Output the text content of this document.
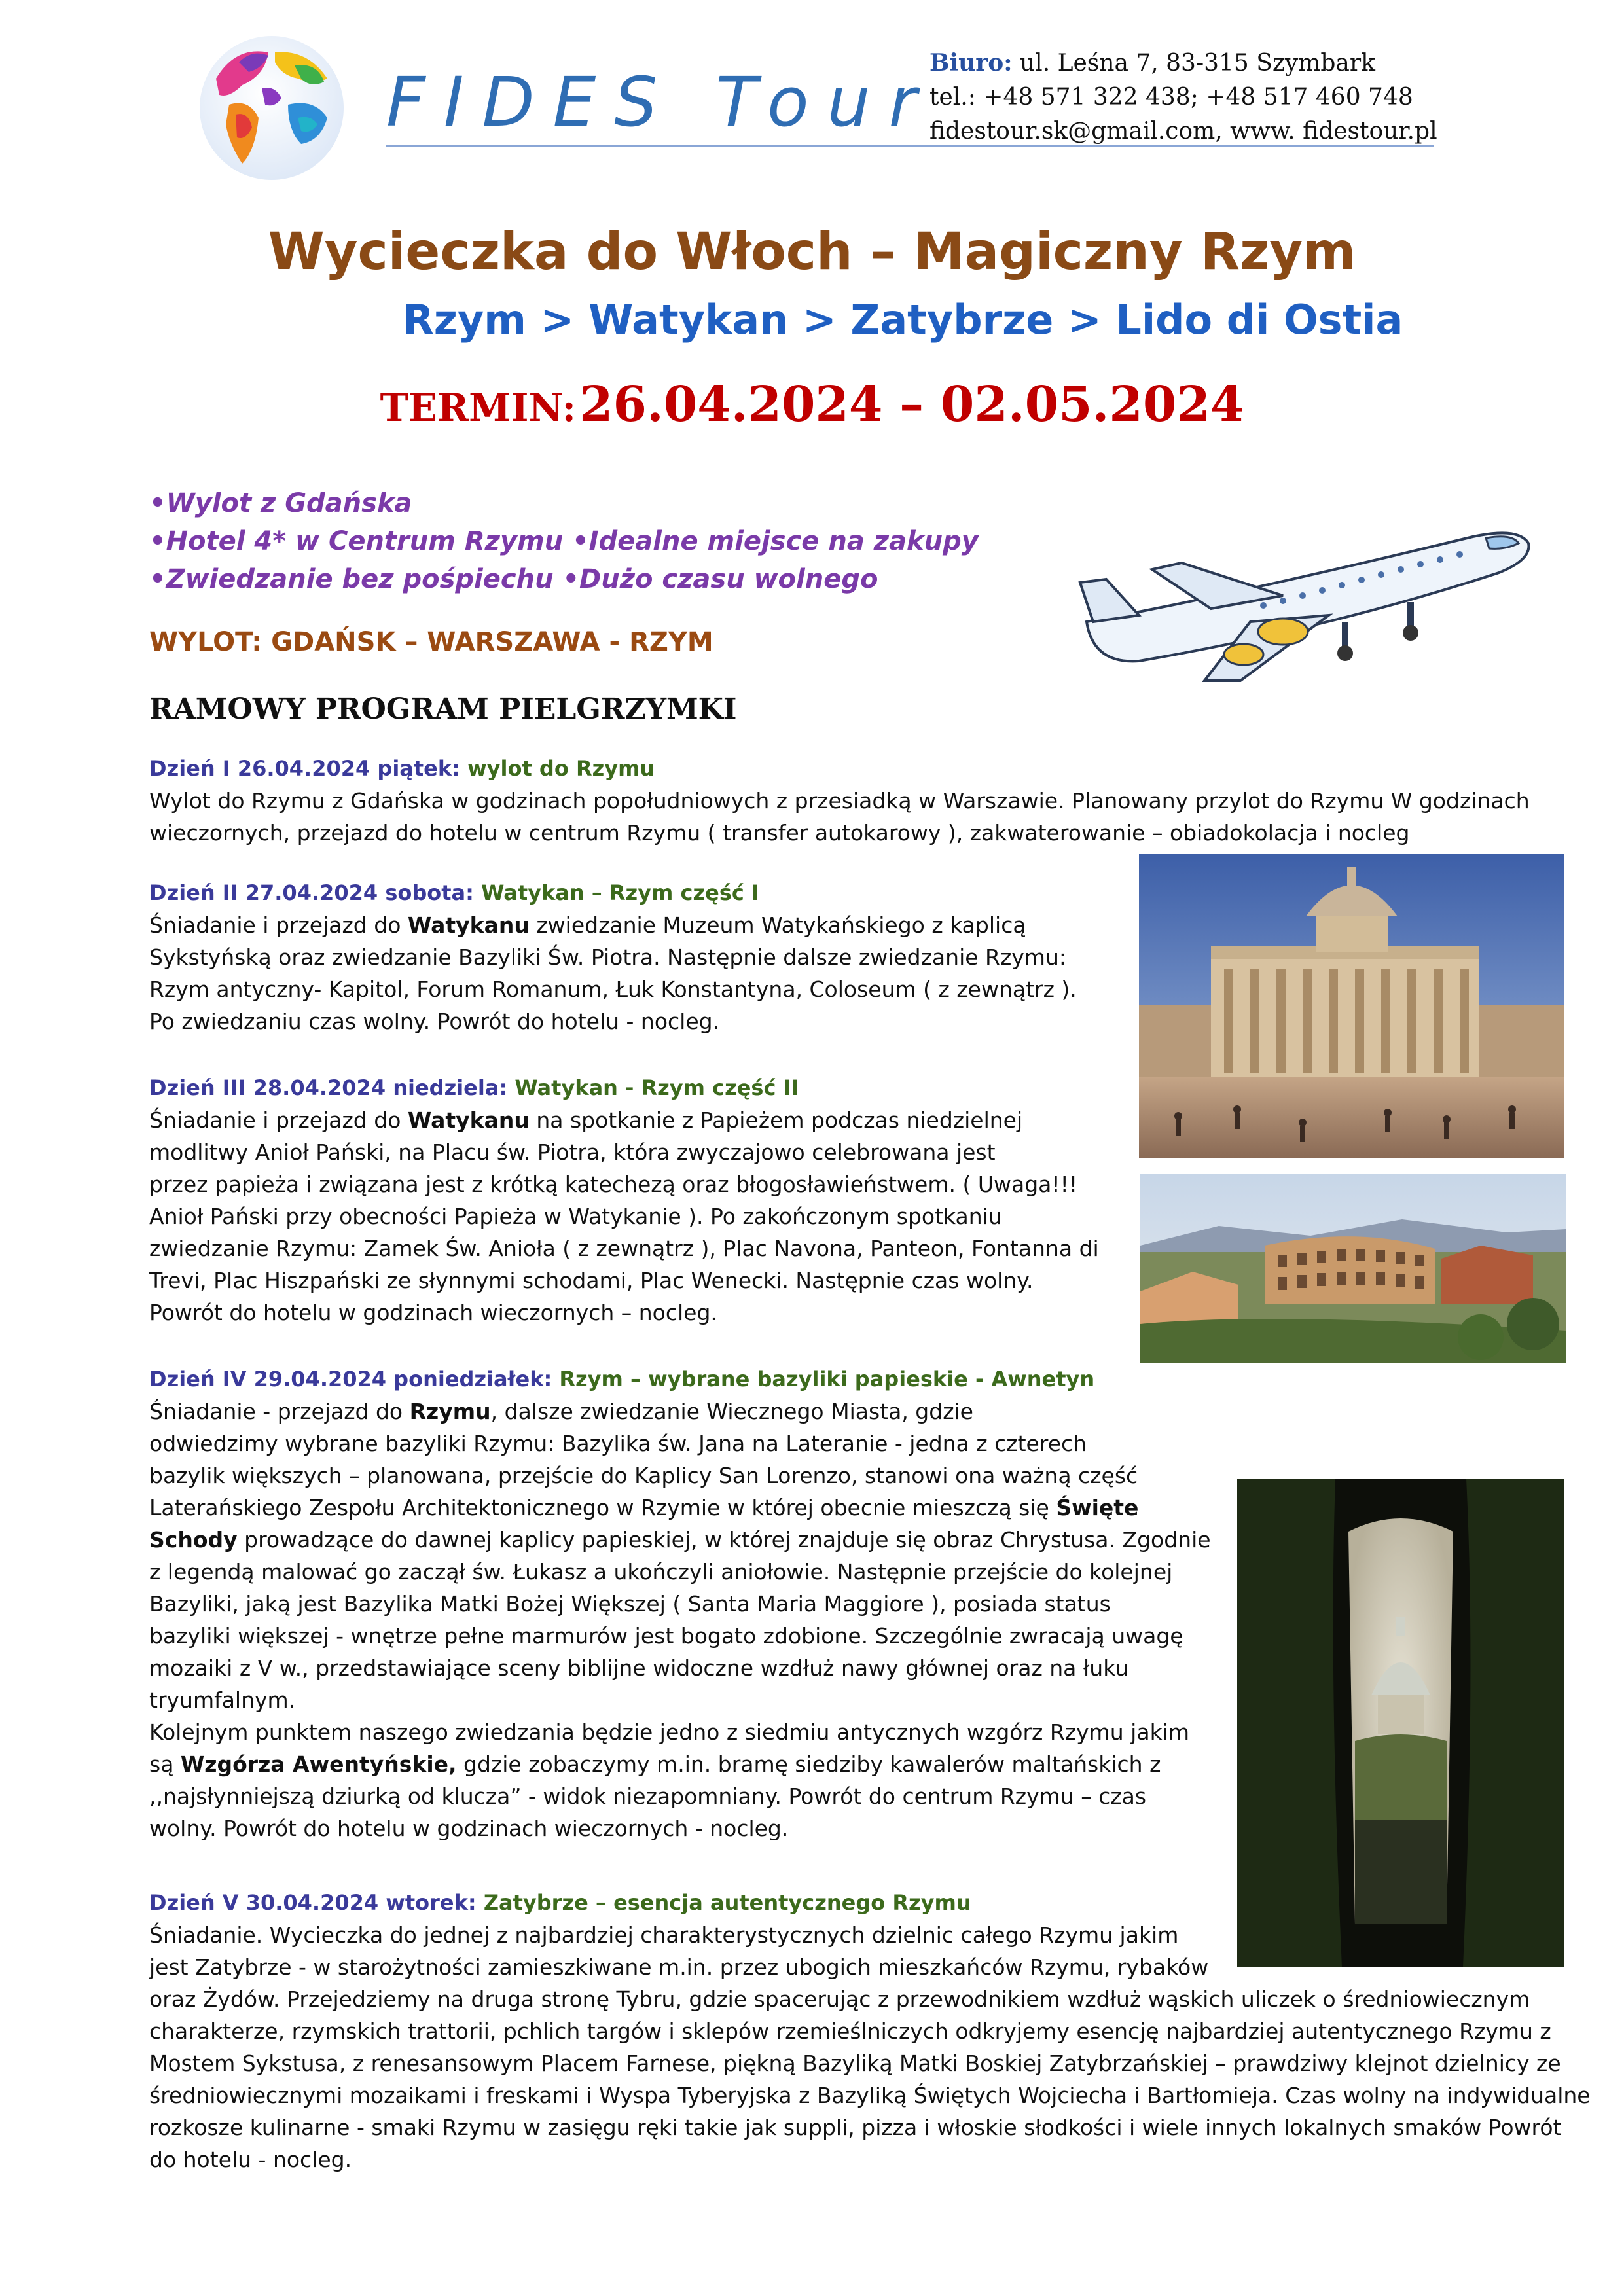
FIDES Tour
Biuro: ul. Leśna 7, 83-315 Szymbark
tel.: +48 571 322 438; +48 517 460 748
fidestour.sk@gmail.com, www. fidestour.pl
Wycieczka do Włoch – Magiczny Rzym
Rzym > Watykan > Zatybrze > Lido di Ostia
TERMIN: 26.04.2024 – 02.05.2024
•Wylot z Gdańska
•Hotel 4* w Centrum Rzymu •Idealne miejsce na zakupy
•Zwiedzanie bez pośpiechu •Dużo czasu wolnego
WYLOT: GDAŃSK – WARSZAWA - RZYM
RAMOWY PROGRAM PIELGRZYMKI
Dzień I 26.04.2024 piątek: wylot do Rzymu
Wylot do Rzymu z Gdańska w godzinach popołudniowych z przesiadką w Warszawie. Planowany przylot do Rzymu W godzinach
wieczornych, przejazd do hotelu w centrum Rzymu ( transfer autokarowy ), zakwaterowanie – obiadokolacja i nocleg
Dzień II 27.04.2024 sobota: Watykan – Rzym część I
Śniadanie i przejazd do Watykanu zwiedzanie Muzeum Watykańskiego z kaplicą
Sykstyńską oraz zwiedzanie Bazyliki Św. Piotra. Następnie dalsze zwiedzanie Rzymu:
Rzym antyczny- Kapitol, Forum Romanum, Łuk Konstantyna, Coloseum ( z zewnątrz ).
Po zwiedzaniu czas wolny. Powrót do hotelu - nocleg.
Dzień III 28.04.2024 niedziela: Watykan - Rzym część II
Śniadanie i przejazd do Watykanu na spotkanie z Papieżem podczas niedzielnej
modlitwy Anioł Pański, na Placu św. Piotra, która zwyczajowo celebrowana jest
przez papieża i związana jest z krótką katechezą oraz błogosławieństwem. ( Uwaga!!!
Anioł Pański przy obecności Papieża w Watykanie ). Po zakończonym spotkaniu
zwiedzanie Rzymu: Zamek Św. Anioła ( z zewnątrz ), Plac Navona, Panteon, Fontanna di
Trevi, Plac Hiszpański ze słynnymi schodami, Plac Wenecki. Następnie czas wolny.
Powrót do hotelu w godzinach wieczornych – nocleg.
Dzień IV 29.04.2024 poniedziałek: Rzym – wybrane bazyliki papieskie - Awnetyn
Śniadanie - przejazd do Rzymu, dalsze zwiedzanie Wiecznego Miasta, gdzie
odwiedzimy wybrane bazyliki Rzymu: Bazylika św. Jana na Lateranie - jedna z czterech
bazylik większych – planowana, przejście do Kaplicy San Lorenzo, stanowi ona ważną część
Laterańskiego Zespołu Architektonicznego w Rzymie w której obecnie mieszczą się Święte
Schody prowadzące do dawnej kaplicy papieskiej, w której znajduje się obraz Chrystusa. Zgodnie
z legendą malować go zaczął św. Łukasz a ukończyli aniołowie. Następnie przejście do kolejnej
Bazyliki, jaką jest Bazylika Matki Bożej Większej ( Santa Maria Maggiore ), posiada status
bazyliki większej - wnętrze pełne marmurów jest bogato zdobione. Szczególnie zwracają uwagę
mozaiki z V w., przedstawiające sceny biblijne widoczne wzdłuż nawy głównej oraz na łuku
tryumfalnym.
Kolejnym punktem naszego zwiedzania będzie jedno z siedmiu antycznych wzgórz Rzymu jakim
są Wzgórza Awentyńskie, gdzie zobaczymy m.in. bramę siedziby kawalerów maltańskich z
,,najsłynniejszą dziurką od klucza” - widok niezapomniany. Powrót do centrum Rzymu – czas
wolny. Powrót do hotelu w godzinach wieczornych - nocleg.
Dzień V 30.04.2024 wtorek: Zatybrze – esencja autentycznego Rzymu
Śniadanie. Wycieczka do jednej z najbardziej charakterystycznych dzielnic całego Rzymu jakim
jest Zatybrze - w starożytności zamieszkiwane m.in. przez ubogich mieszkańców Rzymu, rybaków
oraz Żydów. Przejedziemy na druga stronę Tybru, gdzie spacerując z przewodnikiem wzdłuż wąskich uliczek o średniowiecznym
charakterze, rzymskich trattorii, pchlich targów i sklepów rzemieślniczych odkryjemy esencję najbardziej autentycznego Rzymu z
Mostem Sykstusa, z renesansowym Placem Farnese, piękną Bazyliką Matki Boskiej Zatybrzańskiej – prawdziwy klejnot dzielnicy ze
średniowiecznymi mozaikami i freskami i Wyspa Tyberyjska z Bazyliką Świętych Wojciecha i Bartłomieja. Czas wolny na indywidualne
rozkosze kulinarne - smaki Rzymu w zasięgu ręki takie jak suppli, pizza i włoskie słodkości i wiele innych lokalnych smaków Powrót
do hotelu - nocleg.
